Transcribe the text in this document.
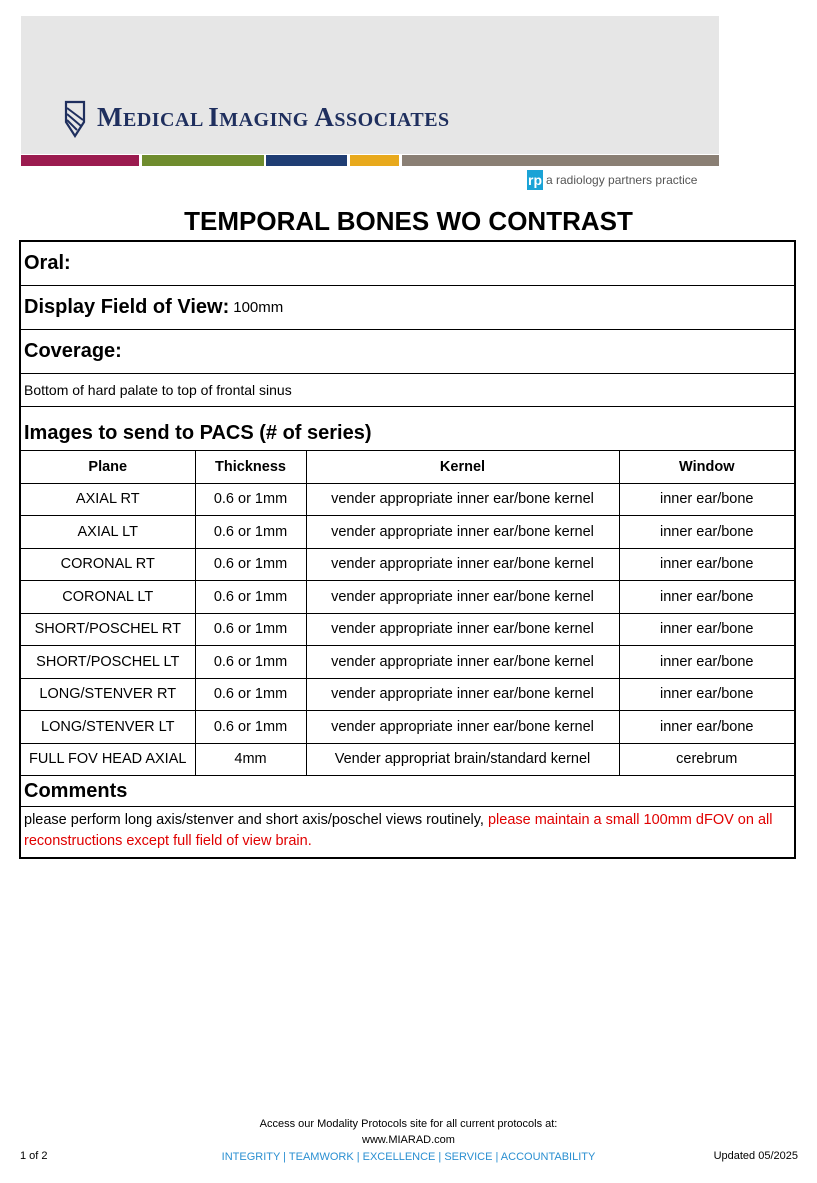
MEDICAL IMAGING ASSOCIATES
rp a radiology partners practice
TEMPORAL BONES WO CONTRAST
Oral:
Display Field of View: 100mm
Coverage:
Bottom of hard palate to top of frontal sinus
Images to send to PACS (# of series)
Plane	Thickness	Kernel	Window
AXIAL RT	0.6 or 1mm	vender appropriate inner ear/bone kernel	inner ear/bone
AXIAL LT	0.6 or 1mm	vender appropriate inner ear/bone kernel	inner ear/bone
CORONAL RT	0.6 or 1mm	vender appropriate inner ear/bone kernel	inner ear/bone
CORONAL LT	0.6 or 1mm	vender appropriate inner ear/bone kernel	inner ear/bone
SHORT/POSCHEL RT	0.6 or 1mm	vender appropriate inner ear/bone kernel	inner ear/bone
SHORT/POSCHEL LT	0.6 or 1mm	vender appropriate inner ear/bone kernel	inner ear/bone
LONG/STENVER RT	0.6 or 1mm	vender appropriate inner ear/bone kernel	inner ear/bone
LONG/STENVER LT	0.6 or 1mm	vender appropriate inner ear/bone kernel	inner ear/bone
FULL FOV HEAD AXIAL	4mm	Vender appropriat brain/standard kernel	cerebrum
Comments
please perform long axis/stenver and short axis/poschel views routinely, please maintain a small 100mm dFOV on all reconstructions except full field of view brain.
Access our Modality Protocols site for all current protocols at:
www.MIARAD.com
INTEGRITY | TEAMWORK | EXCELLENCE | SERVICE | ACCOUNTABILITY
1 of 2	Updated 05/2025
